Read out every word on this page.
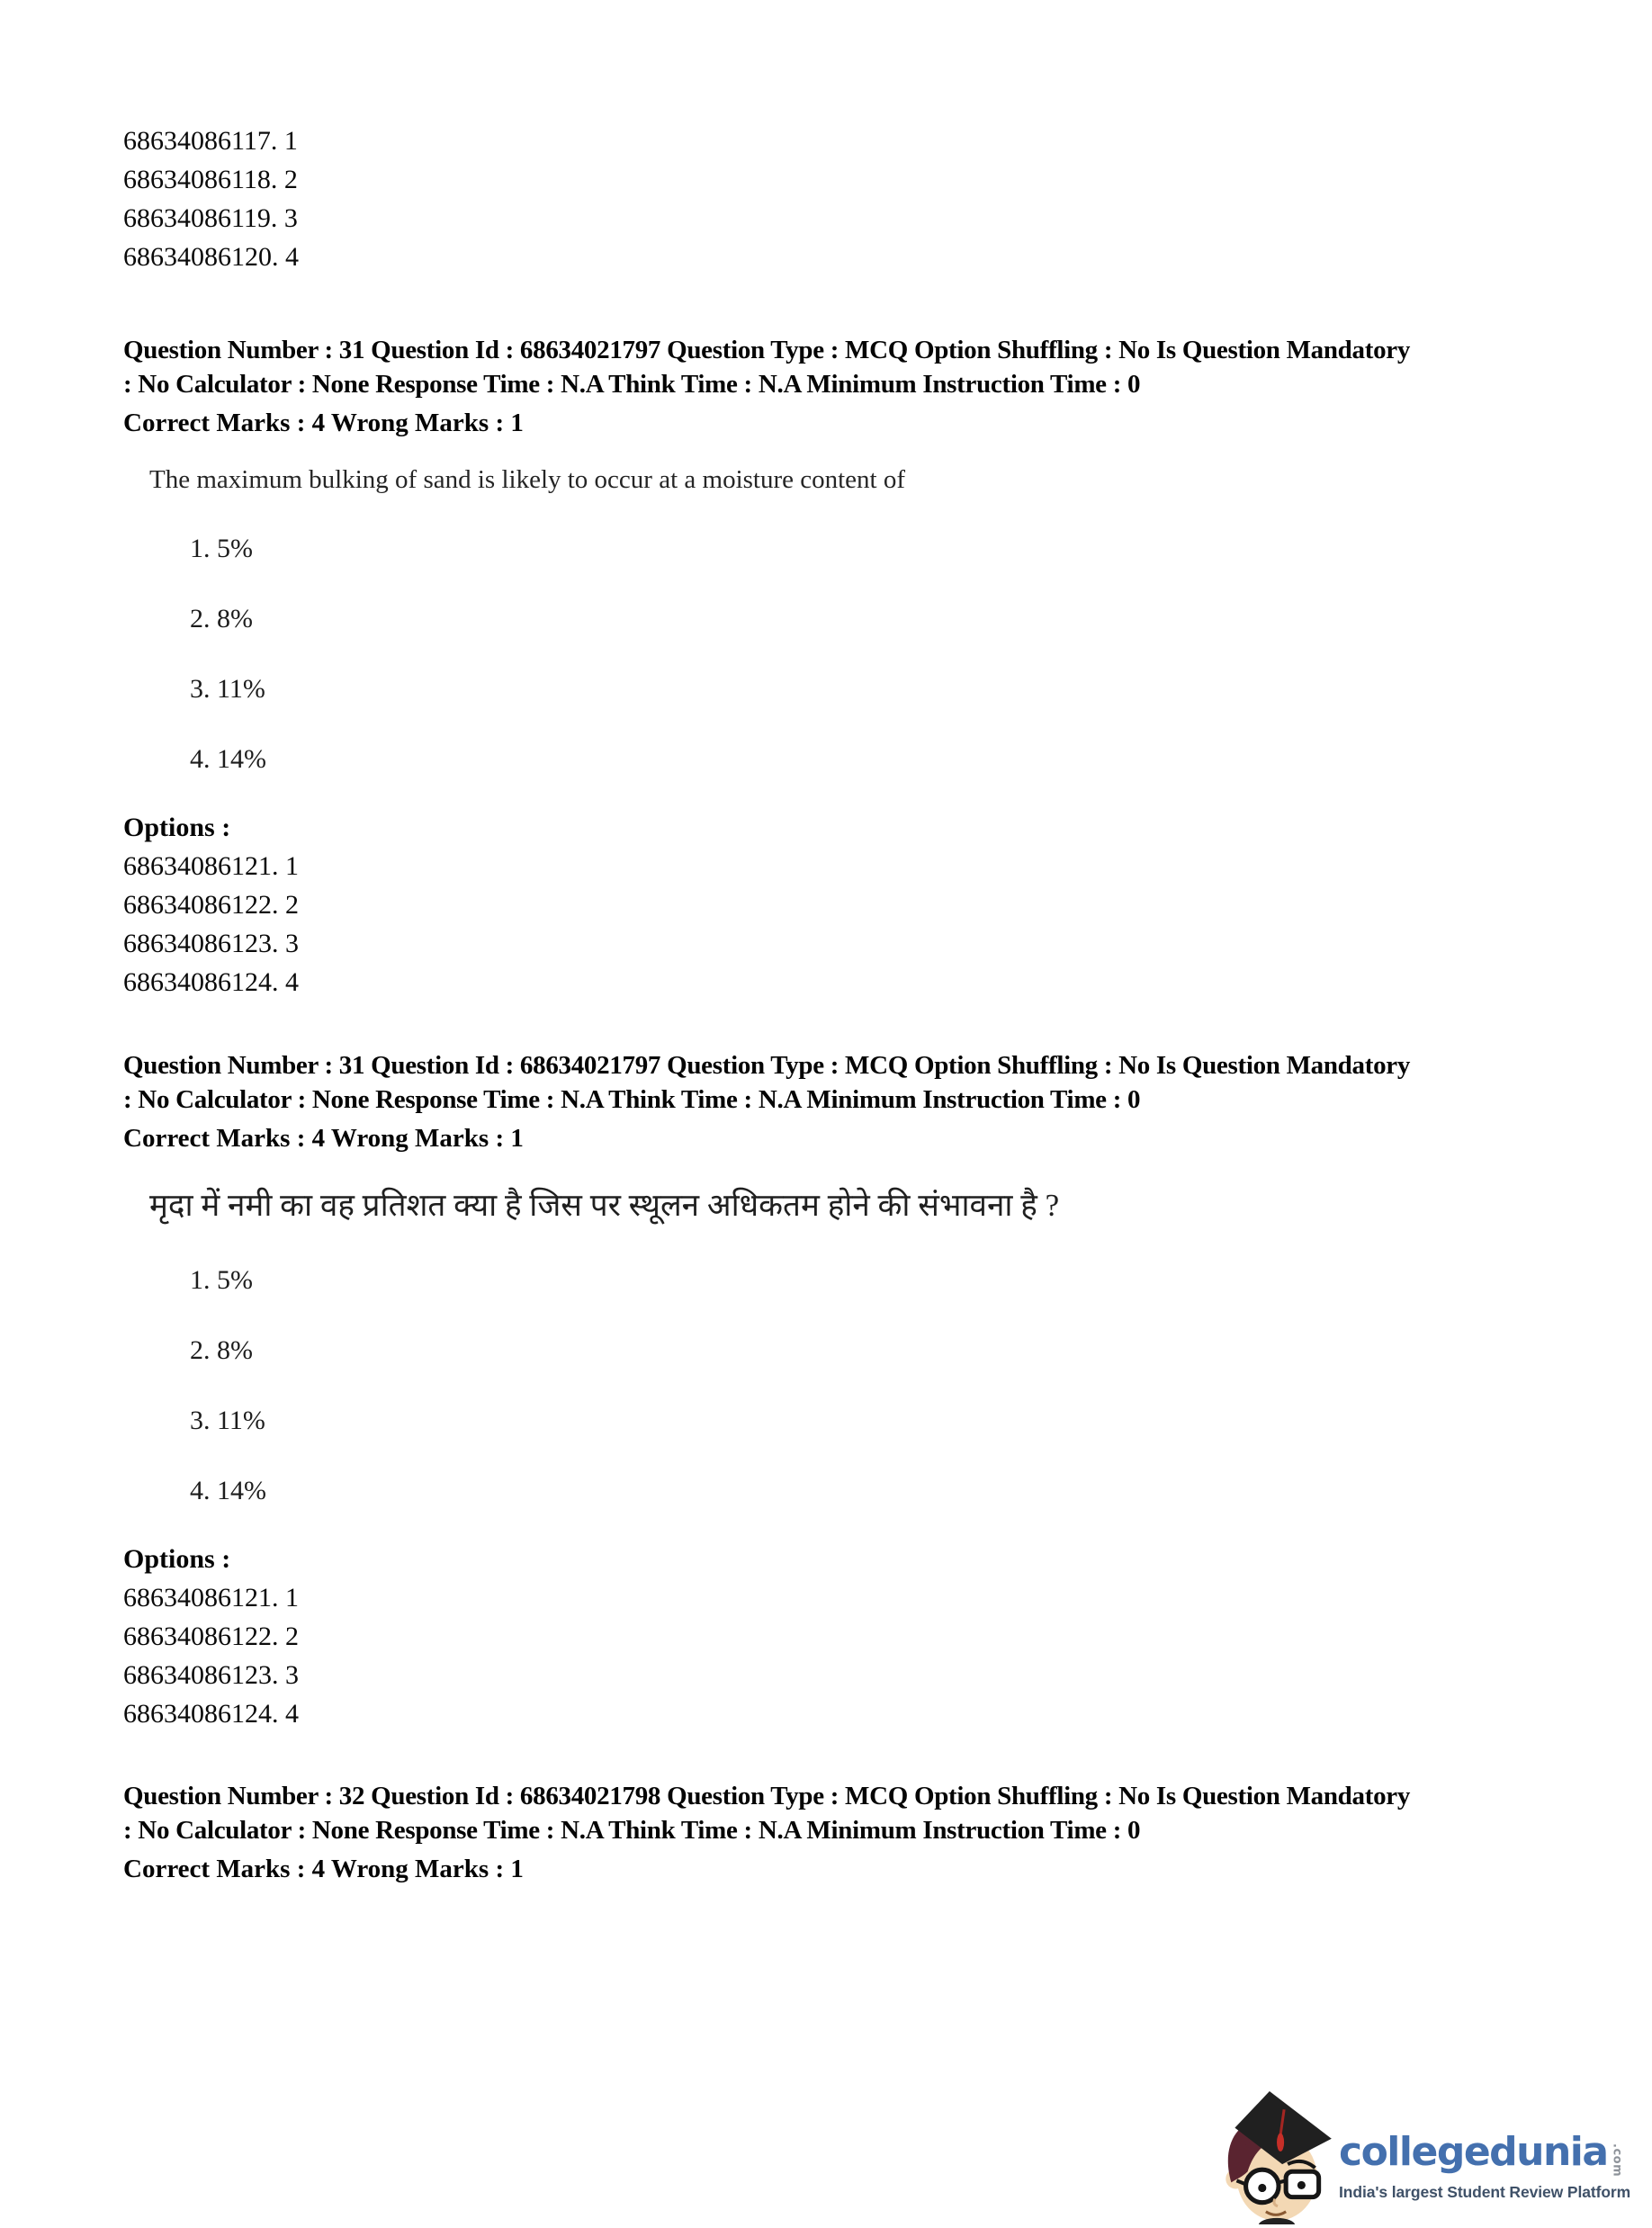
68634086117. 1
68634086118. 2
68634086119. 3
68634086120. 4
Question Number : 31 Question Id : 68634021797 Question Type : MCQ Option Shuffling : No Is Question Mandatory
: No Calculator : None Response Time : N.A Think Time : N.A Minimum Instruction Time : 0
Correct Marks : 4 Wrong Marks : 1
The maximum bulking of sand is likely to occur at a moisture content of
1. 5%
2. 8%
3. 11%
4. 14%
Options :
68634086121. 1
68634086122. 2
68634086123. 3
68634086124. 4
Question Number : 31 Question Id : 68634021797 Question Type : MCQ Option Shuffling : No Is Question Mandatory
: No Calculator : None Response Time : N.A Think Time : N.A Minimum Instruction Time : 0
Correct Marks : 4 Wrong Marks : 1
मृदा में नमी का वह प्रतिशत क्या है जिस पर स्थूलन अधिकतम होने की संभावना है ?
1. 5%
2. 8%
3. 11%
4. 14%
Options :
68634086121. 1
68634086122. 2
68634086123. 3
68634086124. 4
Question Number : 32 Question Id : 68634021798 Question Type : MCQ Option Shuffling : No Is Question Mandatory
: No Calculator : None Response Time : N.A Think Time : N.A Minimum Instruction Time : 0
Correct Marks : 4 Wrong Marks : 1
collegedunia .com
India's largest Student Review Platform
